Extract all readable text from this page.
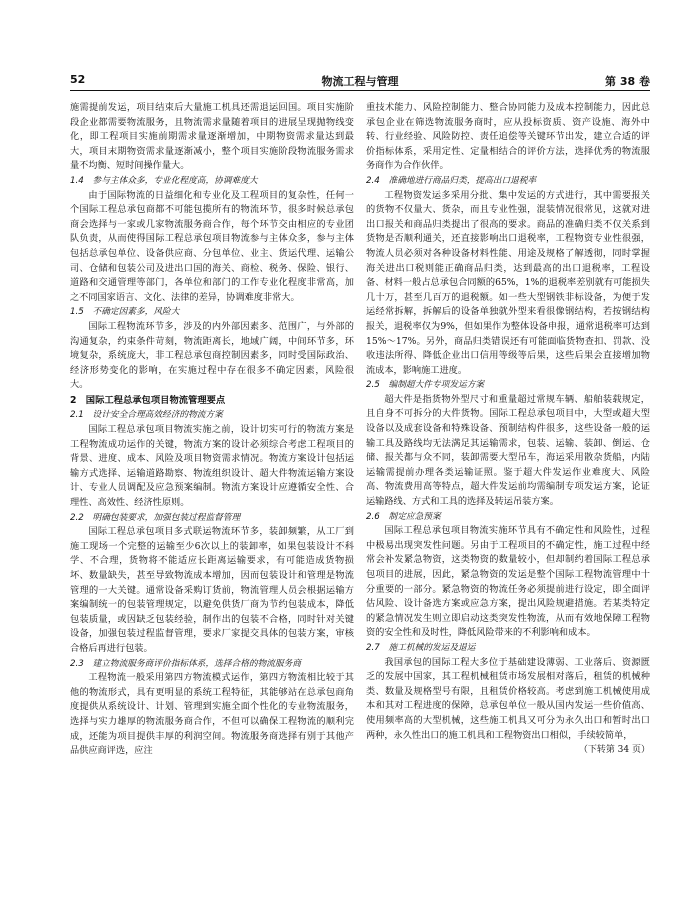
52	物流工程与管理	第 38 卷

施需提前发运，项目结束后大量施工机具还需退运回国。项目实施阶段企业都需要物流服务，且物流需求量随着项目的进展呈现抛物线变化，即工程项目实施前期需求量逐渐增加，中期物资需求量达到最大，项目末期物资需求量逐渐减小，整个项目实施阶段物流服务需求量不均衡、短时间操作量大。

1.4　参与主体众多，专业化程度高，协调难度大

由于国际物流的日益细化和专业化及工程项目的复杂性，任何一个国际工程总承包商都不可能包揽所有的物流环节，很多时候总承包商会选择与一家或几家物流服务商合作，每个环节交由相应的专业团队负责，从而使得国际工程总承包项目物流参与主体众多，参与主体包括总承包单位、设备供应商、分包单位、业主、货运代理、运输公司、仓储和包装公司及进出口国的海关、商检、税务、保险、银行、道路和交通管理等部门，各单位和部门的工作专业化程度非常高，加之不同国家语言、文化、法律的差异，协调难度非常大。

1.5　不确定因素多，风险大

国际工程物流环节多，涉及的内外部因素多、范围广，与外部的沟通复杂，约束条件苛刻，物流距离长，地域广阔，中间环节多，环境复杂，系统庞大，非工程总承包商控制因素多，同时受国际政治、经济形势变化的影响，在实施过程中存在很多不确定因素，风险很大。

2　国际工程总承包项目物流管理要点
2.1　设计安全合理高效经济的物流方案

国际工程总承包项目物流实施之前，设计切实可行的物流方案是工程物流成功运作的关键，物流方案的设计必须综合考虑工程项目的背景、进度、成本、风险及项目物资需求情况。物流方案设计包括运输方式选择、运输道路勘察、物流组织设计、超大件物流运输方案设计、专业人员调配及应急预案编制。物流方案设计应遵循安全性、合理性、高效性、经济性原则。

2.2　明确包装要求，加强包装过程监督管理

国际工程总承包项目多式联运物流环节多，装卸频繁，从工厂到施工现场一个完整的运输至少6次以上的装卸率，如果包装设计不科学、不合理，货物将不能适应长距离运输要求，有可能造成货物损坏、数量缺失，甚至导致物流成本增加，因而包装设计和管理是物流管理的一大关键。通常设备采购订货前，物流管理人员会根据运输方案编制统一的包装管理规定，以避免供货厂商为节约包装成本，降低包装质量，或因缺乏包装经验，制作出的包装不合格，同时针对关键设备，加强包装过程监督管理，要求厂家提交具体的包装方案，审核合格后再进行包装。

2.3　建立物流服务商评价指标体系，选择合格的物流服务商

工程物流一般采用第四方物流模式运作，第四方物流相比较于其他的物流形式，具有更明显的系统工程特征，其能够站在总承包商角度提供从系统设计、计划、管理到实施全面个性化的专业物流服务，选择与实力雄厚的物流服务商合作，不但可以确保工程物流的顺利完成，还能为项目提供丰厚的利润空间。物流服务商选择有别于其他产品供应商评选，应注

重技术能力、风险控制能力、整合协同能力及成本控制能力，因此总承包企业在筛选物流服务商时，应从投标资质、资产设施、海外中转、行业经验、风险防控、责任追偿等关键环节出发，建立合适的评价指标体系，采用定性、定量相结合的评价方法，选择优秀的物流服务商作为合作伙伴。

2.4　准确地进行商品归类，提高出口退税率

工程物资发运多采用分批、集中发运的方式进行，其中需要报关的货物不仅量大、货杂，而且专业性强，混装情况很常见，这就对进出口报关和商品归类提出了很高的要求。商品的准确归类不仅关系到货物是否顺利通关，还直接影响出口退税率，工程物资专业性很强，物流人员必须对各种设备材料性能、用途及规格了解透彻，同时掌握海关进出口税则能正确商品归类，达到最高的出口退税率，工程设备、材料一般占总承包合同额的65%，1%的退税率差别就有可能损失几十万，甚至几百万的退税额。如一些大型钢铁非标设备，为便于发运经常拆解，拆解后的设备单独就外型来看很像钢结构，若按钢结构报关，退税率仅为9%，但如果作为整体设备申报，通常退税率可达到15%～17%。另外，商品归类错误还有可能面临货物查扣、罚款、没收违法所得、降低企业出口信用等级等后果，这些后果会直接增加物流成本，影响施工进度。

2.5　编制超大件专项发运方案

超大件是指货物外型尺寸和重量超过常规车辆、船舶装载规定，且自身不可拆分的大件货物。国际工程总承包项目中，大型或超大型设备以及成套设备和特殊设备、预制结构件很多，这些设备一般的运输工具及路线均无法满足其运输需求，包装、运输、装卸、倒运、仓储、报关都与众不同，装卸需要大型吊车，海运采用散杂货船，内陆运输需提前办理各类运输证照。鉴于超大件发运作业难度大、风险高、物流费用高等特点，超大件发运前均需编制专项发运方案，论证运输路线、方式和工具的选择及转运吊装方案。

2.6　制定应急预案

国际工程总承包项目物流实施环节具有不确定性和风险性，过程中极易出现突发性问题。另由于工程项目的不确定性，施工过程中经常会补发紧急物资，这类物资的数量较小，但却制约着国际工程总承包项目的进展，因此，紧急物资的发运是整个国际工程物流管理中十分重要的一部分。紧急物资的物流任务必须提前进行设定，即全面评估风险、设计备选方案或应急方案，提出风险规避措施。若某类特定的紧急情况发生则立即启动这类突发性物流，从而有效地保障工程物资的安全性和及时性，降低风险带来的不利影响和成本。

2.7　施工机械的发运及退运

我国承包的国际工程大多位于基础建设薄弱、工业落后、资源匮乏的发展中国家，其工程机械租赁市场发展相对落后，租赁的机械种类、数量及规格型号有限，且租赁价格较高。考虑到施工机械使用成本和其对工程进度的保障，总承包单位一般从国内发运一些价值高、使用频率高的大型机械，这些施工机具又可分为永久出口和暂时出口两种，永久性出口的施工机具和工程物资出口相似，手续较简单，
（下转第 34 页）
